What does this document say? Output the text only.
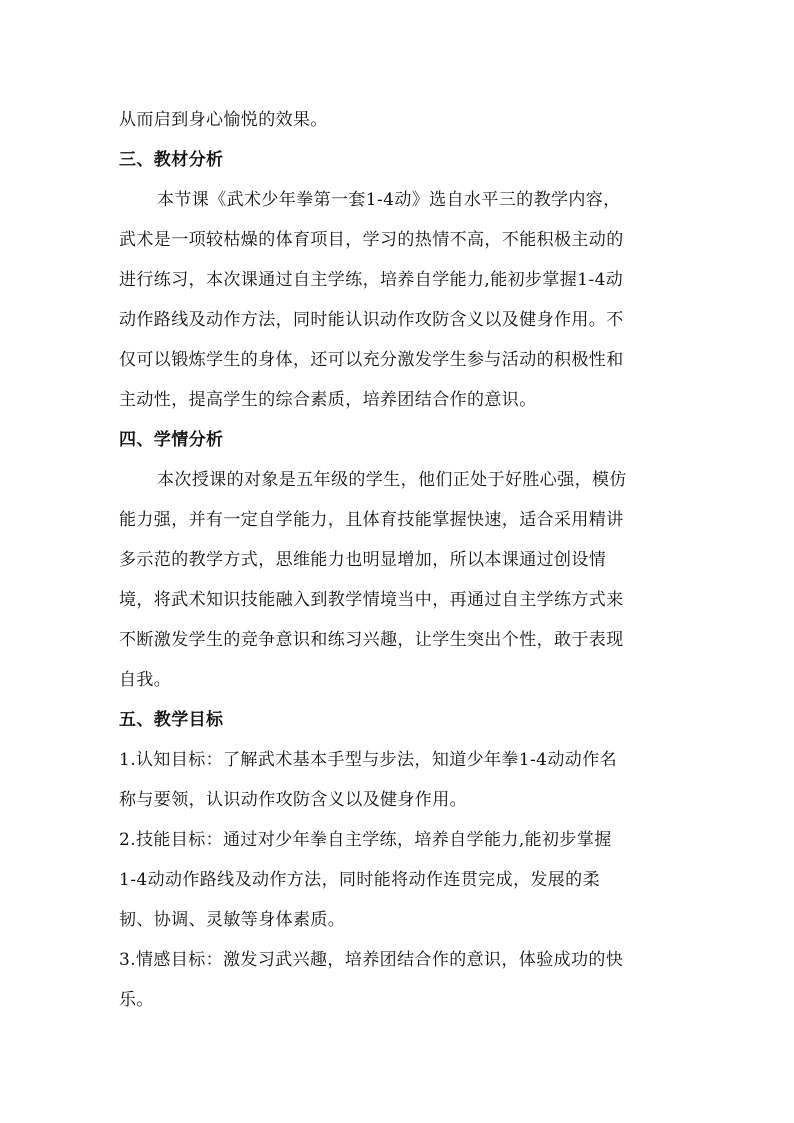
从而启到身心愉悦的效果。
三、教材分析
本节课《武术少年拳第一套1-4动》选自水平三的教学内容，
武术是一项较枯燥的体育项目，学习的热情不高，不能积极主动的
进行练习，本次课通过自主学练，培养自学能力,能初步掌握1-4动
动作路线及动作方法，同时能认识动作攻防含义以及健身作用。不
仅可以锻炼学生的身体，还可以充分激发学生参与活动的积极性和
主动性，提高学生的综合素质，培养团结合作的意识。
四、学情分析
本次授课的对象是五年级的学生，他们正处于好胜心强，模仿
能力强，并有一定自学能力，且体育技能掌握快速，适合采用精讲
多示范的教学方式，思维能力也明显增加，所以本课通过创设情
境，将武术知识技能融入到教学情境当中，再通过自主学练方式来
不断激发学生的竞争意识和练习兴趣，让学生突出个性，敢于表现
自我。
五、教学目标
1.认知目标：了解武术基本手型与步法，知道少年拳1-4动动作名
称与要领，认识动作攻防含义以及健身作用。
2.技能目标：通过对少年拳自主学练，培养自学能力,能初步掌握
1-4动动作路线及动作方法，同时能将动作连贯完成，发展的柔
韧、协调、灵敏等身体素质。
3.情感目标：激发习武兴趣，培养团结合作的意识，体验成功的快
乐。
